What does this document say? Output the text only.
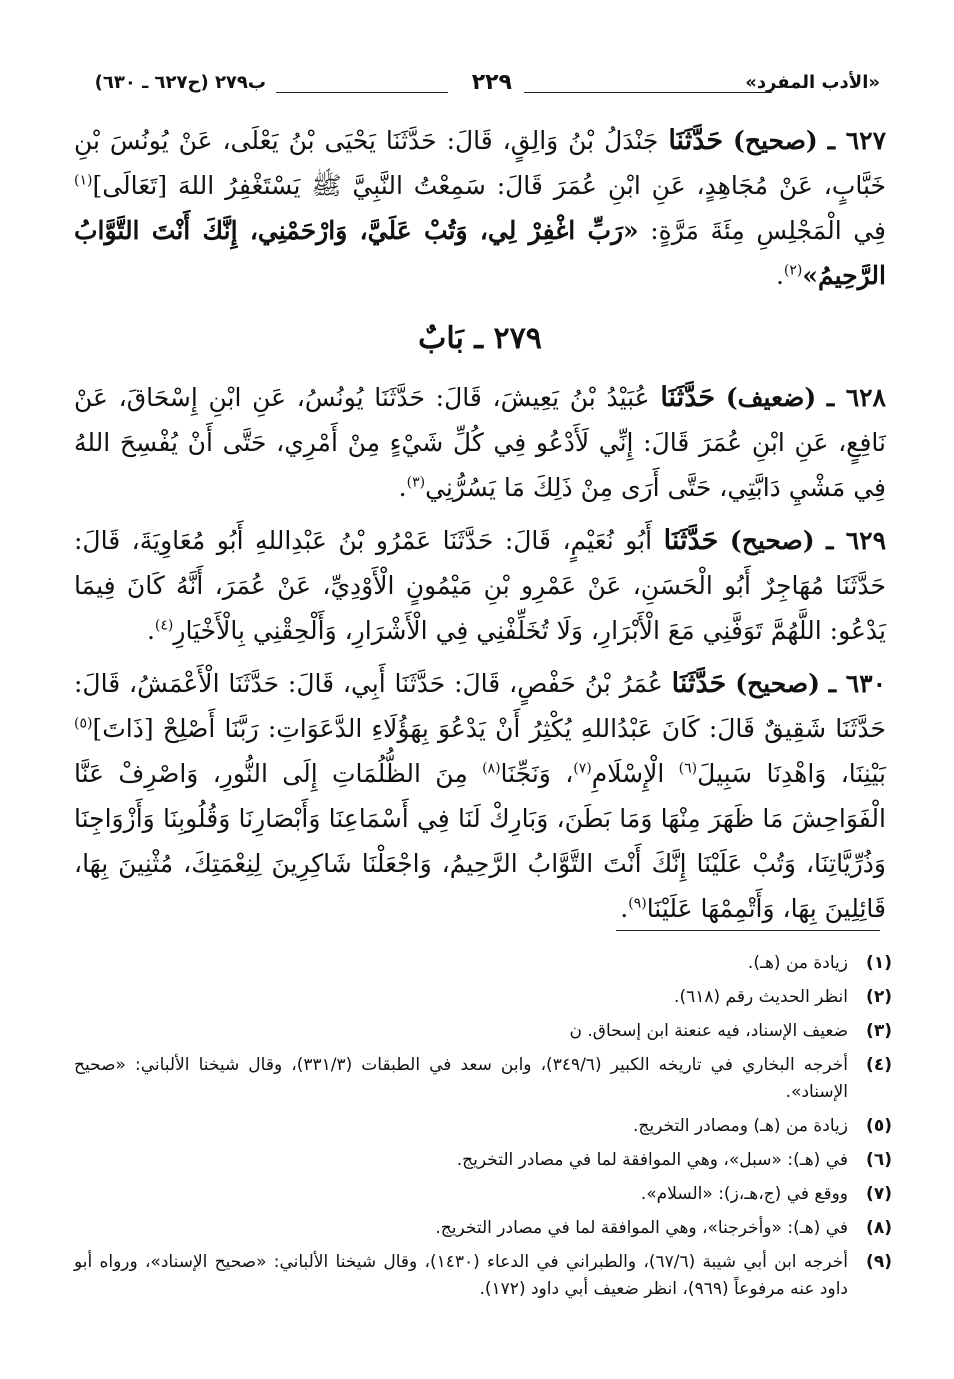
«الأدب المفرد»
٢٢٩
ب٢٧٩ (ح٦٢٧ ـ ٦٣٠)

٦٢٧ ـ (صحيح) حَدَّثَنَا جَنْدَلُ بْنُ وَالِقٍ، قَالَ: حَدَّثَنَا يَحْيَى بْنُ يَعْلَى، عَنْ يُونُسَ بْنِ خَبَّابٍ، عَنْ مُجَاهِدٍ، عَنِ ابْنِ عُمَرَ قَالَ: سَمِعْتُ النَّبِيَّ ﷺ يَسْتَغْفِرُ اللهَ [تَعَالَى]$^{(١)}$ فِي الْمَجْلِسِ مِئَةَ مَرَّةٍ: «رَبِّ اغْفِرْ لِي، وَتُبْ عَلَيَّ، وَارْحَمْنِي، إِنَّكَ أَنْتَ التَّوَّابُ الرَّحِيمُ»$^{(٢)}$.

٢٧٩ ـ بَابٌ

٦٢٨ ـ (ضعيف) حَدَّثَنَا عُبَيْدُ بْنُ يَعِيشَ، قَالَ: حَدَّثَنَا يُونُسُ، عَنِ ابْنِ إِسْحَاقَ، عَنْ نَافِعٍ، عَنِ ابْنِ عُمَرَ قَالَ: إِنِّي لَأَدْعُو فِي كُلِّ شَيْءٍ مِنْ أَمْرِي، حَتَّى أَنْ يُفْسِحَ اللهُ فِي مَشْيِ دَابَّتِي، حَتَّى أَرَى مِنْ ذَلِكَ مَا يَسُرُّنِي$^{(٣)}$.

٦٢٩ ـ (صحيح) حَدَّثَنَا أَبُو نُعَيْمٍ، قَالَ: حَدَّثَنَا عَمْرُو بْنُ عَبْدِاللهِ أَبُو مُعَاوِيَةَ، قَالَ: حَدَّثَنَا مُهَاجِرٌ أَبُو الْحَسَنِ، عَنْ عَمْرِو بْنِ مَيْمُونٍ الْأَوْدِيِّ، عَنْ عُمَرَ، أَنَّهُ كَانَ فِيمَا يَدْعُو: اللَّهُمَّ تَوَفَّنِي مَعَ الْأَبْرَارِ، وَلَا تُخَلِّفْنِي فِي الْأَشْرَارِ، وَأَلْحِقْنِي بِالْأَخْيَارِ$^{(٤)}$.

٦٣٠ ـ (صحيح) حَدَّثَنَا عُمَرُ بْنُ حَفْصٍ، قَالَ: حَدَّثَنَا أَبِي، قَالَ: حَدَّثَنَا الْأَعْمَشُ، قَالَ: حَدَّثَنَا شَقِيقٌ قَالَ: كَانَ عَبْدُاللهِ يُكْثِرُ أَنْ يَدْعُوَ بِهَؤُلَاءِ الدَّعَوَاتِ: رَبَّنَا أَصْلِحْ [ذَاتَ]$^{(٥)}$ بَيْنِنَا، وَاهْدِنَا سَبِيلَ$^{(٦)}$ الْإِسْلَامِ$^{(٧)}$، وَنَجِّنَا$^{(٨)}$ مِنَ الظُّلُمَاتِ إِلَى النُّورِ، وَاصْرِفْ عَنَّا الْفَوَاحِشَ مَا ظَهَرَ مِنْهَا وَمَا بَطَنَ، وَبَارِكْ لَنَا فِي أَسْمَاعِنَا وَأَبْصَارِنَا وَقُلُوبِنَا وَأَزْوَاجِنَا وَذُرِّيَّاتِنَا، وَتُبْ عَلَيْنَا إِنَّكَ أَنْتَ التَّوَّابُ الرَّحِيمُ، وَاجْعَلْنَا شَاكِرِينَ لِنِعْمَتِكَ، مُثْنِينَ بِهَا، قَائِلِينَ بِهَا، وَأَتْمِمْهَا عَلَيْنَا$^{(٩)}$.

(١)
زيادة من (هـ).
(٢)
انظر الحديث رقم (٦١٨).
(٣)
ضعيف الإسناد، فيه عنعنة ابن إسحاق. ن
(٤)
أخرجه البخاري في تاريخه الكبير (٣٤٩/٦)، وابن سعد في الطبقات (٣٣١/٣)، وقال شيخنا الألباني: «صحيح الإسناد».
(٥)
زيادة من (هـ) ومصادر التخريج.
(٦)
في (هـ): «سبل»، وهي الموافقة لما في مصادر التخريج.
(٧)
ووقع في (ج،هـ،ز): «السلام».
(٨)
في (هـ): «وأخرجنا»، وهي الموافقة لما في مصادر التخريج.
(٩)
أخرجه ابن أبي شيبة (٦٧/٦)، والطبراني في الدعاء (١٤٣٠)، وقال شيخنا الألباني: «صحيح الإسناد»، ورواه أبو داود عنه مرفوعاً (٩٦٩)، انظر ضعيف أبي داود (١٧٢).
